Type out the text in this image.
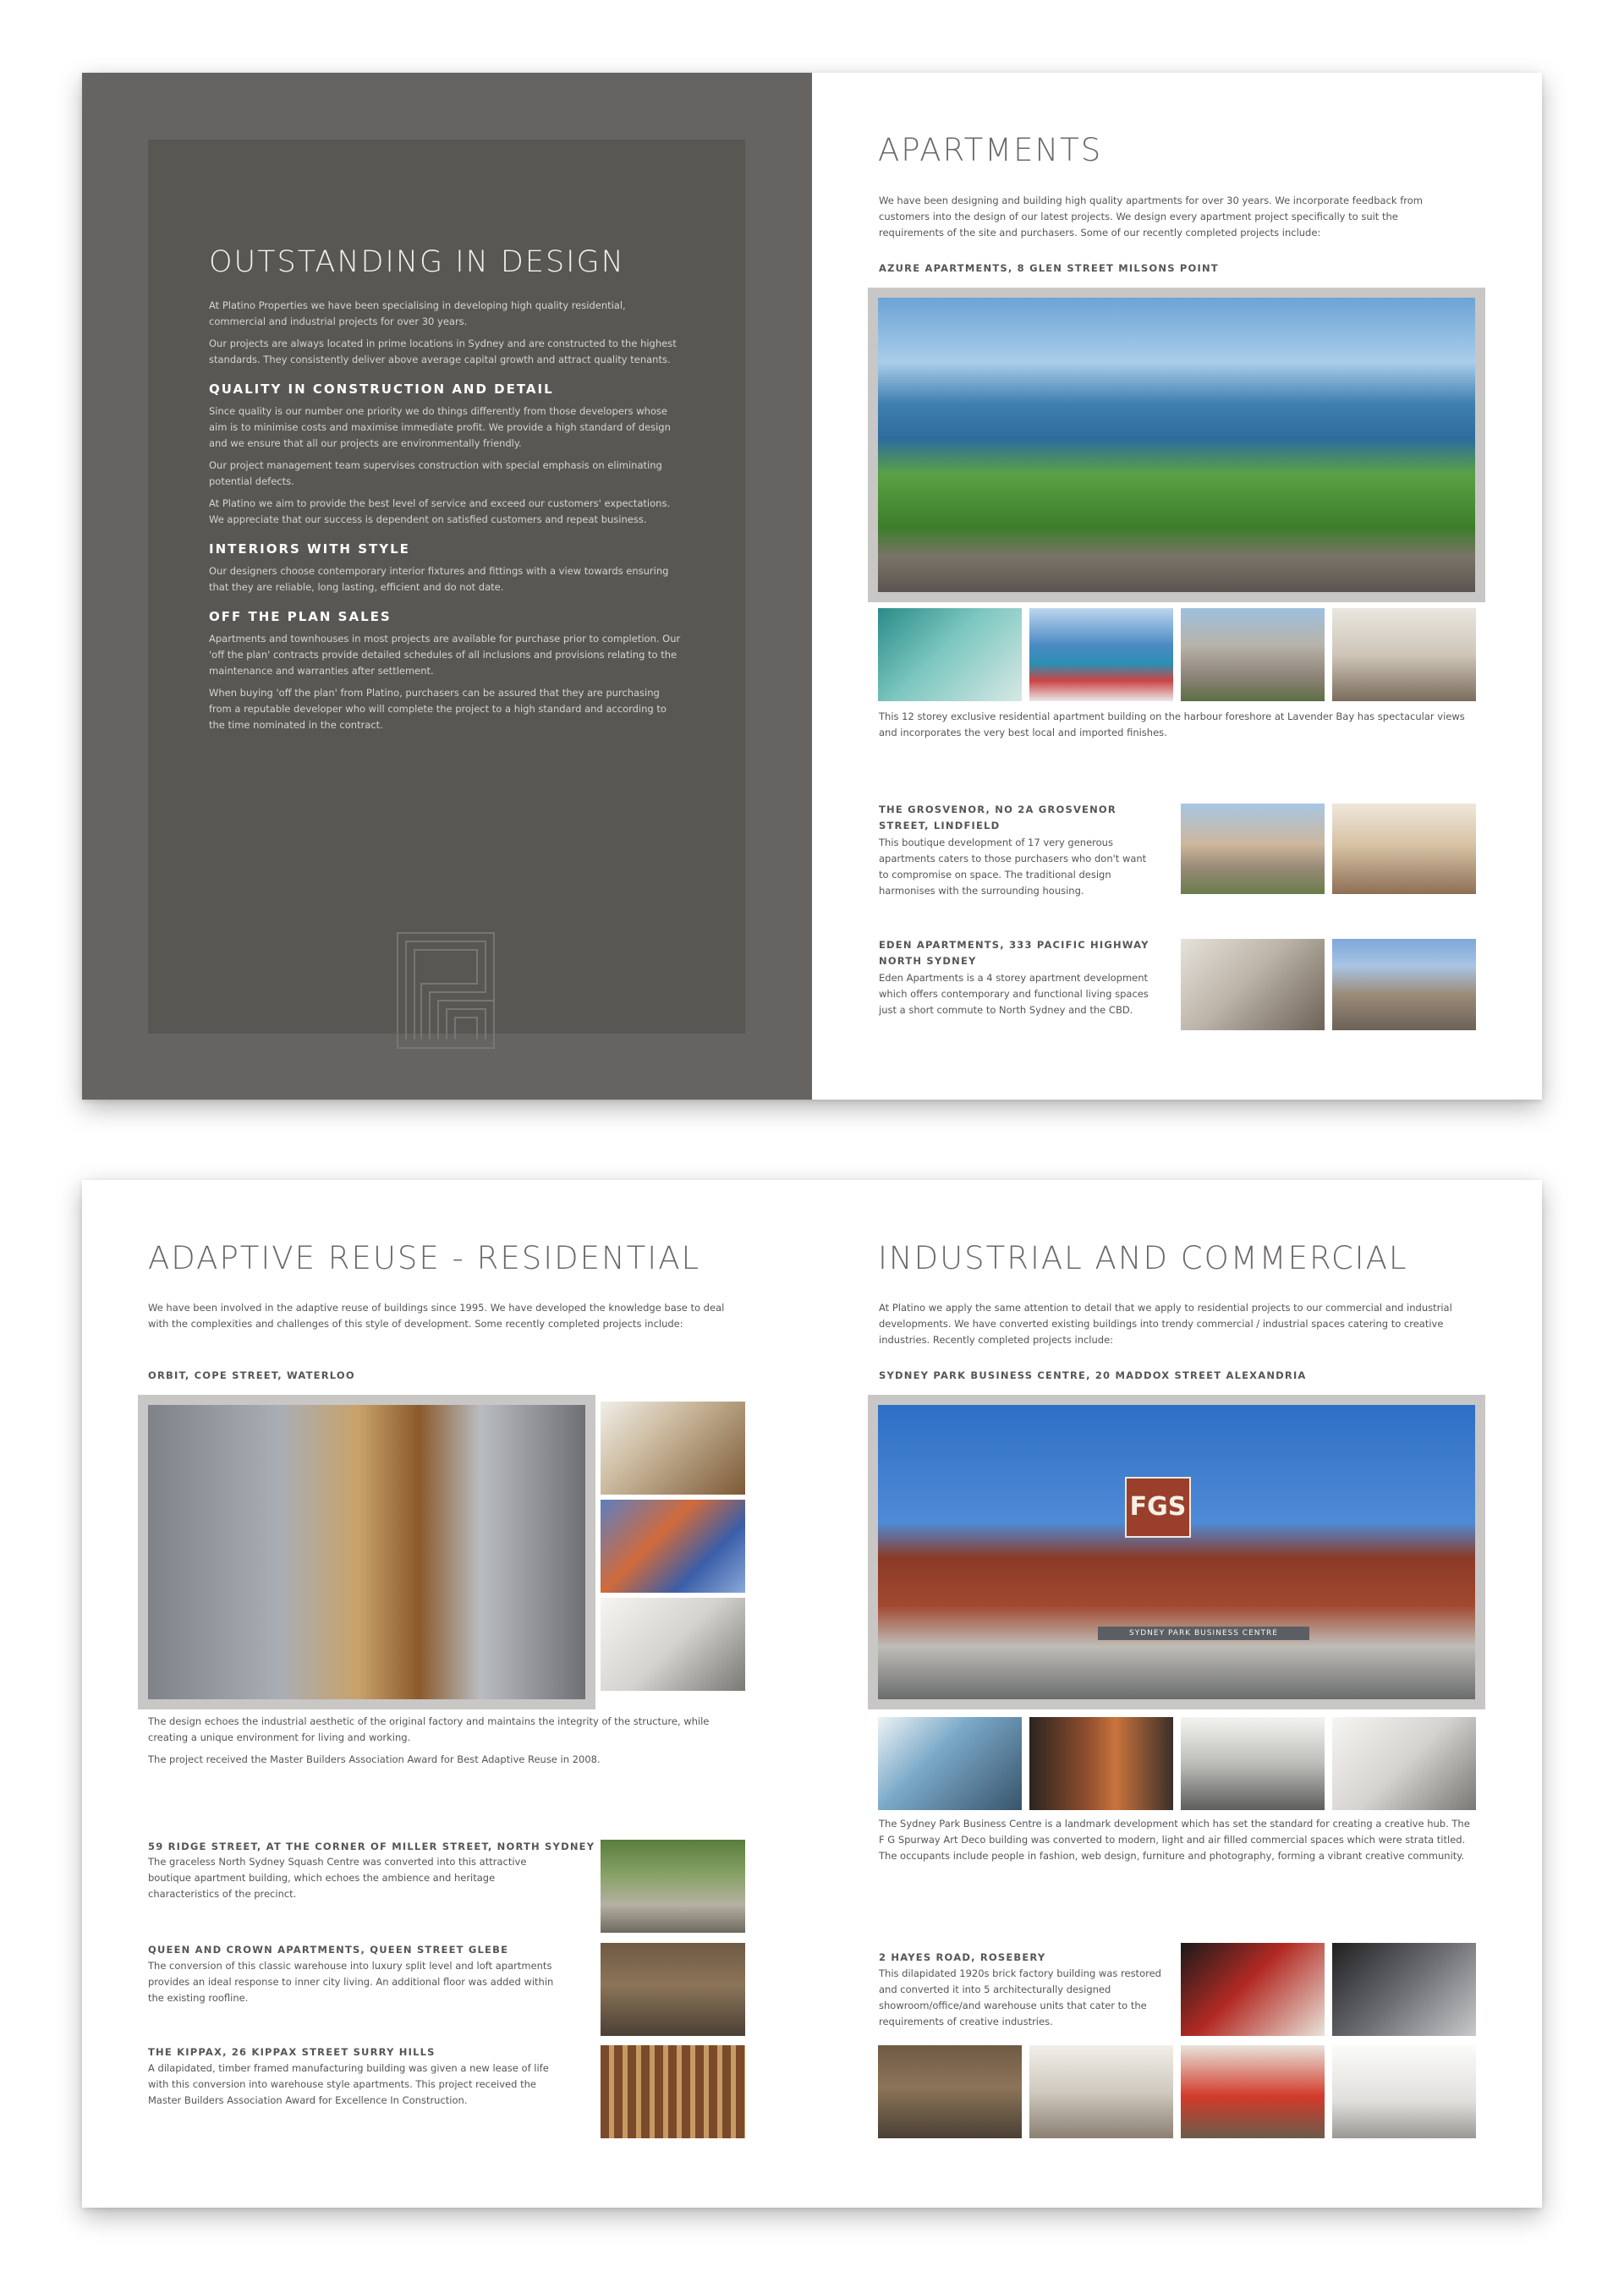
OUTSTANDING IN DESIGN

At Platino Properties we have been specialising in developing high quality residential, commercial and industrial projects for over 30 years.

Our projects are always located in prime locations in Sydney and are constructed to the highest standards. They consistently deliver above average capital growth and attract quality tenants.

QUALITY IN CONSTRUCTION AND DETAIL

Since quality is our number one priority we do things differently from those developers whose aim is to minimise costs and maximise immediate profit. We provide a high standard of design and we ensure that all our projects are environmentally friendly.

Our project management team supervises construction with special emphasis on eliminating potential defects.

At Platino we aim to provide the best level of service and exceed our customers' expectations. We appreciate that our success is dependent on satisfied customers and repeat business.

INTERIORS WITH STYLE

Our designers choose contemporary interior fixtures and fittings with a view towards ensuring that they are reliable, long lasting, efficient and do not date.

OFF THE PLAN SALES

Apartments and townhouses in most projects are available for purchase prior to completion. Our 'off the plan' contracts provide detailed schedules of all inclusions and provisions relating to the maintenance and warranties after settlement.

When buying 'off the plan' from Platino, purchasers can be assured that they are purchasing from a reputable developer who will complete the project to a high standard and according to the time nominated in the contract.

APARTMENTS
We have been designing and building high quality apartments for over 30 years. We incorporate feedback from customers into the design of our latest projects. We design every apartment project specifically to suit the requirements of the site and purchasers. Some of our recently completed projects include:
AZURE APARTMENTS, 8 GLEN STREET MILSONS POINT
This 12 storey exclusive residential apartment building on the harbour foreshore at Lavender Bay has spectacular views and incorporates the very best local and imported finishes.
THE GROSVENOR, NO 2A GROSVENOR STREET, LINDFIELD
This boutique development of 17 very generous apartments caters to those purchasers who don't want to compromise on space. The traditional design harmonises with the surrounding housing.
EDEN APARTMENTS, 333 PACIFIC HIGHWAY NORTH SYDNEY
Eden Apartments is a 4 storey apartment development which offers contemporary and functional living spaces just a short commute to North Sydney and the CBD.
ADAPTIVE REUSE - RESIDENTIAL
We have been involved in the adaptive reuse of buildings since 1995. We have developed the knowledge base to deal with the complexities and challenges of this style of development. Some recently completed projects include:
ORBIT, COPE STREET, WATERLOO
The design echoes the industrial aesthetic of the original factory and maintains the integrity of the structure, while creating a unique environment for living and working.
The project received the Master Builders Association Award for Best Adaptive Reuse in 2008.
59 RIDGE STREET, AT THE CORNER OF MILLER STREET, NORTH SYDNEY
The graceless North Sydney Squash Centre was converted into this attractive boutique apartment building, which echoes the ambience and heritage characteristics of the precinct.
QUEEN AND CROWN APARTMENTS, QUEEN STREET GLEBE
The conversion of this classic warehouse into luxury split level and loft apartments provides an ideal response to inner city living. An additional floor was added within the existing roofline.
THE KIPPAX, 26 KIPPAX STREET SURRY HILLS
A dilapidated, timber framed manufacturing building was given a new lease of life with this conversion into warehouse style apartments. This project received the Master Builders Association Award for Excellence In Construction.
INDUSTRIAL AND COMMERCIAL
At Platino we apply the same attention to detail that we apply to residential projects to our commercial and industrial developments. We have converted existing buildings into trendy commercial / industrial spaces catering to creative industries. Recently completed projects include:
SYDNEY PARK BUSINESS CENTRE, 20 MADDOX STREET ALEXANDRIA
FGS
SYDNEY PARK BUSINESS CENTRE
The Sydney Park Business Centre is a landmark development which has set the standard for creating a creative hub. The F G Spurway Art Deco building was converted to modern, light and air filled commercial spaces which were strata titled. The occupants include people in fashion, web design, furniture and photography, forming a vibrant creative community.
2 HAYES ROAD, ROSEBERY
This dilapidated 1920s brick factory building was restored and converted it into 5 architecturally designed showroom/office/and warehouse units that cater to the requirements of creative industries.
